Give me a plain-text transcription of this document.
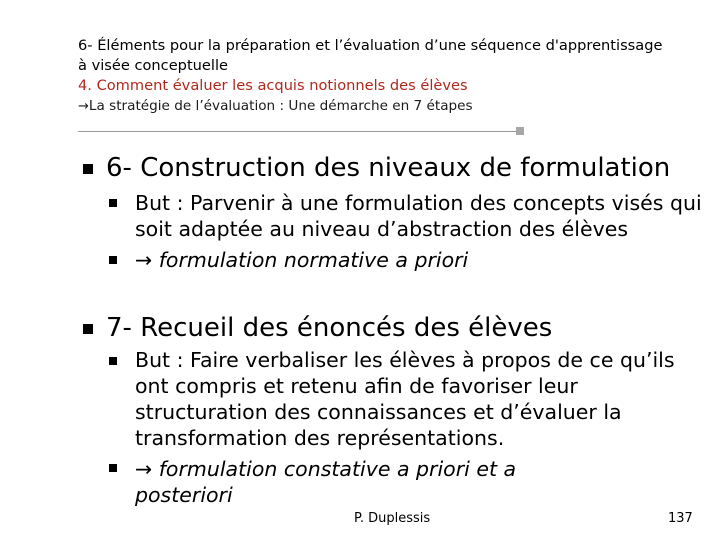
6- Éléments pour la préparation et l’évaluation d’une séquence d'apprentissage
à visée conceptuelle
4. Comment évaluer les acquis notionnels des élèves
→La stratégie de l’évaluation : Une démarche en 7 étapes
6- Construction des niveaux de formulation
But : Parvenir à une formulation des concepts visés qui soit adaptée au niveau d’abstraction des élèves
→ formulation normative a priori
7- Recueil des énoncés des élèves
But : Faire verbaliser les élèves à propos de ce qu’ils ont compris et retenu afin de favoriser leur structuration des connaissances et d’évaluer la transformation des représentations.
→ formulation constative a priori et a posteriori
P. Duplessis	137
